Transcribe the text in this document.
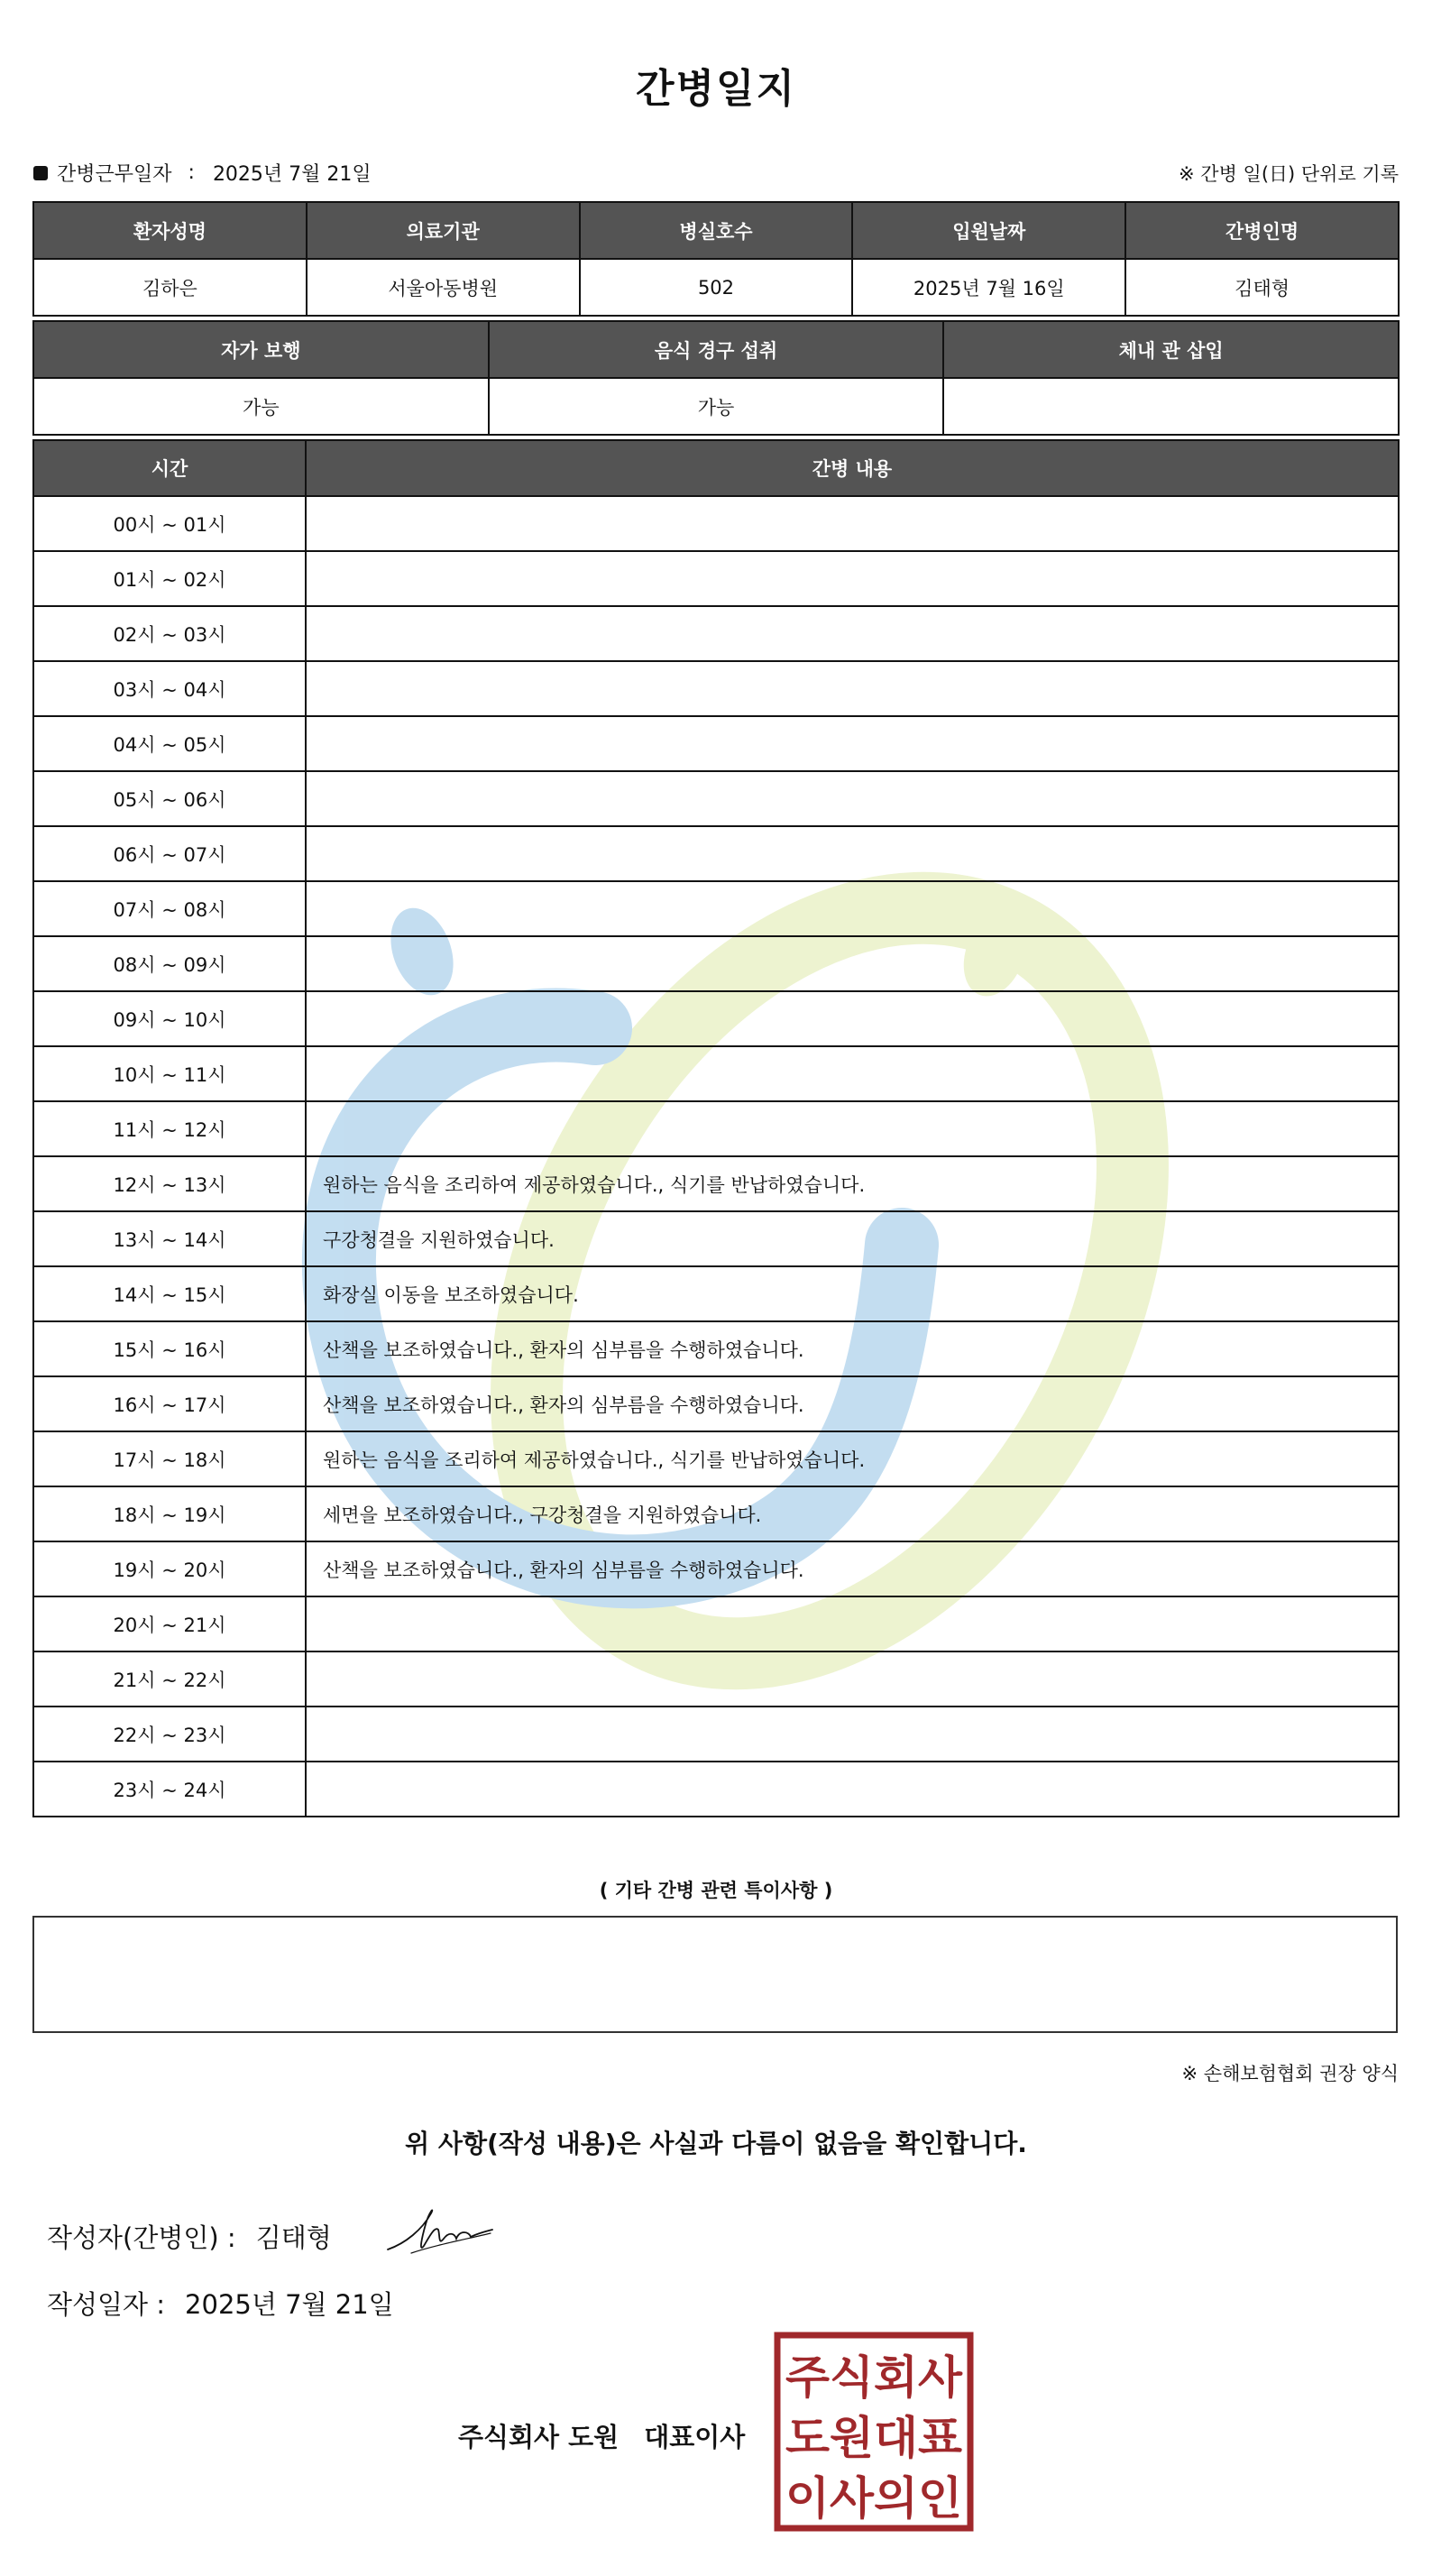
간병일지
간병근무일자 : 2025년 7월 21일	※ 간병 일(日) 단위로 기록
환자성명	의료기관	병실호수	입원날짜	간병인명
김하은	서울아동병원	502	2025년 7월 16일	김태형
자가 보행	음식 경구 섭취	체내 관 삽입
가능	가능	
시간	간병 내용
00시 ~ 01시	
01시 ~ 02시	
02시 ~ 03시	
03시 ~ 04시	
04시 ~ 05시	
05시 ~ 06시	
06시 ~ 07시	
07시 ~ 08시	
08시 ~ 09시	
09시 ~ 10시	
10시 ~ 11시	
11시 ~ 12시	
12시 ~ 13시	원하는 음식을 조리하여 제공하였습니다., 식기를 반납하였습니다.
13시 ~ 14시	구강청결을 지원하였습니다.
14시 ~ 15시	화장실 이동을 보조하였습니다.
15시 ~ 16시	산책을 보조하였습니다., 환자의 심부름을 수행하였습니다.
16시 ~ 17시	산책을 보조하였습니다., 환자의 심부름을 수행하였습니다.
17시 ~ 18시	원하는 음식을 조리하여 제공하였습니다., 식기를 반납하였습니다.
18시 ~ 19시	세면을 보조하였습니다., 구강청결을 지원하였습니다.
19시 ~ 20시	산책을 보조하였습니다., 환자의 심부름을 수행하였습니다.
20시 ~ 21시	
21시 ~ 22시	
22시 ~ 23시	
23시 ~ 24시	
( 기타 간병 관련 특이사항 )
※ 손해보험협회 권장 양식
위 사항(작성 내용)은 사실과 다름이 없음을 확인합니다.
작성자(간병인) : 김태형
작성일자 : 2025년 7월 21일
주식회사 도원 대표이사
주식회사
도원대표
이사의인
